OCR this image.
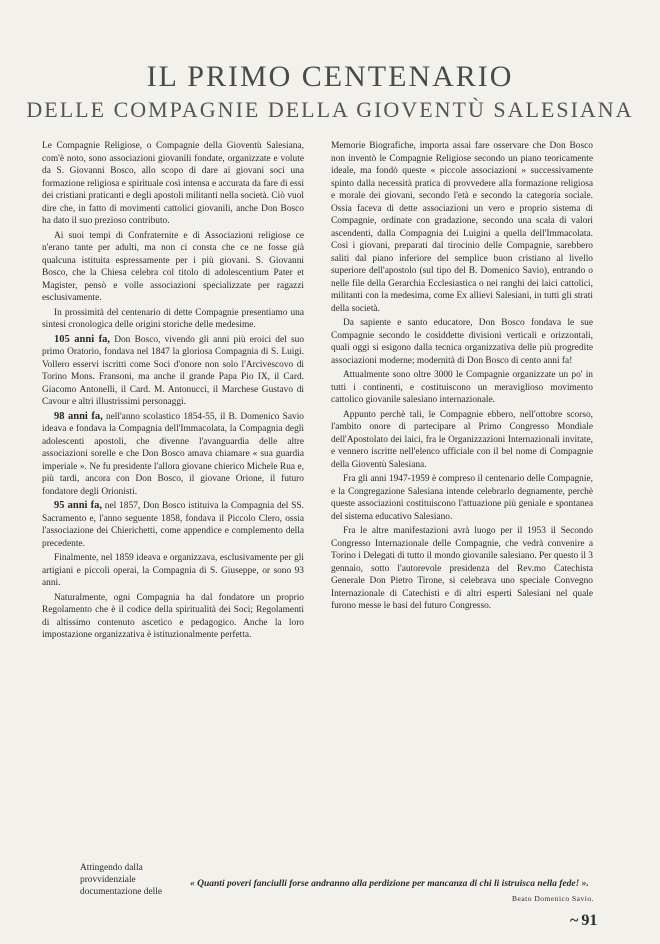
IL PRIMO CENTENARIO
DELLE COMPAGNIE DELLA GIOVENTÙ SALESIANA

Le Compagnie Religiose, o Compagnie della Gioventù Salesiana, com'è noto, sono associazioni giovanili fondate, organizzate e volute da S. Giovanni Bosco, allo scopo di dare ai giovani soci una formazione religiosa e spirituale così intensa e accurata da fare di essi dei cristiani praticanti e degli apostoli militanti nella società. Ciò vuol dire che, in fatto di movimenti cattolici giovanili, anche Don Bosco ha dato il suo prezioso contributo.

Ai suoi tempi di Confraternite e di Associazioni religiose ce n'erano tante per adulti, ma non ci consta che ce ne fosse già qualcuna istituita espressamente per i più giovani. S. Giovanni Bosco, che la Chiesa celebra col titolo di adolescentium Pater et Magister, pensò e volle associazioni specializzate per ragazzi esclusivamente.

In prossimità del centenario di dette Compagnie presentiamo una sintesi cronologica delle origini storiche delle medesime.

105 anni fa, Don Bosco, vivendo gli anni più eroici del suo primo Oratorio, fondava nel 1847 la gloriosa Compagnia di S. Luigi. Vollero esservi iscritti come Soci d'onore non solo l'Arcivescovo di Torino Mons. Fransoni, ma anche il grande Papa Pio IX, il Card. Giacomo Antonelli, il Card. M. Antonucci, il Marchese Gustavo di Cavour e altri illustrissimi personaggi.

98 anni fa, nell'anno scolastico 1854-55, il B. Domenico Savio ideava e fondava la Compagnia dell'Immacolata, la Compagnia degli adolescenti apostoli, che divenne l'avanguardia delle altre associazioni sorelle e che Don Bosco amava chiamare « sua guardia imperiale ». Ne fu presidente l'allora giovane chierico Michele Rua e, più tardi, ancora con Don Bosco, il giovane Orione, il futuro fondatore degli Orionisti.

95 anni fa, nel 1857, Don Bosco istituiva la Compagnia del SS. Sacramento e, l'anno seguente 1858, fondava il Piccolo Clero, ossia l'associazione dei Chierichetti, come appendice e complemento della precedente.

Finalmente, nel 1859 ideava e organizzava, esclusivamente per gli artigiani e piccoli operai, la Compagnia di S. Giuseppe, or sono 93 anni.

Naturalmente, ogni Compagnia ha dal fondatore un proprio Regolamento che è il codice della spiritualità dei Soci; Regolamenti di altissimo contenuto ascetico e pedagogico. Anche la loro impostazione organizzativa è istituzionalmente perfetta.

Attingendo dalla provvidenziale documentazione delle

Memorie Biografiche, importa assai fare osservare che Don Bosco non inventò le Compagnie Religiose secondo un piano teoricamente ideale, ma fondò queste « piccole associazioni » successivamente spinto dalla necessità pratica di provvedere alla formazione religiosa e morale dei giovani, secondo l'età e secondo la categoria sociale. Ossia faceva di dette associazioni un vero e proprio sistema di Compagnie, ordinate con gradazione, secondo una scala di valori ascendenti, dalla Compagnia dei Luigini a quella dell'Immacolata. Così i giovani, preparati dal tirocinio delle Compagnie, sarebbero saliti dal piano inferiore del semplice buon cristiano al livello superiore dell'apostolo (sul tipo del B. Domenico Savio), entrando o nelle file della Gerarchia Ecclesiastica o nei ranghi dei laici cattolici, militanti con la medesima, come Ex allievi Salesiani, in tutti gli strati della società.

Da sapiente e santo educatore, Don Bosco fondava le sue Compagnie secondo le cosiddette divisioni verticali e orizzontali, quali oggi si esigono dalla tecnica organizzativa delle più progredite associazioni moderne; modernità di Don Bosco di cento anni fa!

Attualmente sono oltre 3000 le Compagnie organizzate un po' in tutti i continenti, e costituiscono un meraviglioso movimento cattolico giovanile salesiano internazionale.

Appunto perchè tali, le Compagnie ebbero, nell'ottobre scorso, l'ambito onore di partecipare al Primo Congresso Mondiale dell'Apostolato dei laici, fra le Organizzazioni Internazionali invitate, e vennero iscritte nell'elenco ufficiale con il bel nome di Compagnie della Gioventù Salesiana.

Fra gli anni 1947-1959 è compreso il centenario delle Compagnie, e la Congregazione Salesiana intende celebrarlo degnamente, perchè queste associazioni costituiscono l'attuazione più geniale e spontanea del sistema educativo Salesiano.

Fra le altre manifestazioni avrà luogo per il 1953 il Secondo Congresso Internazionale delle Compagnie, che vedrà convenire a Torino i Delegati di tutto il mondo giovanile salesiano. Per questo il 3 gennaio, sotto l'autorevole presidenza del Rev.mo Catechista Generale Don Pietro Tirone, si celebrava uno speciale Convegno Internazionale di Catechisti e di altri esperti Salesiani nel quale furono messe le basi del futuro Congresso.

« Quanti poveri fanciulli forse andranno alla perdizione per mancanza di chi li istruisca nella fede! ».
Beato Domenico Savio.
~ 91
